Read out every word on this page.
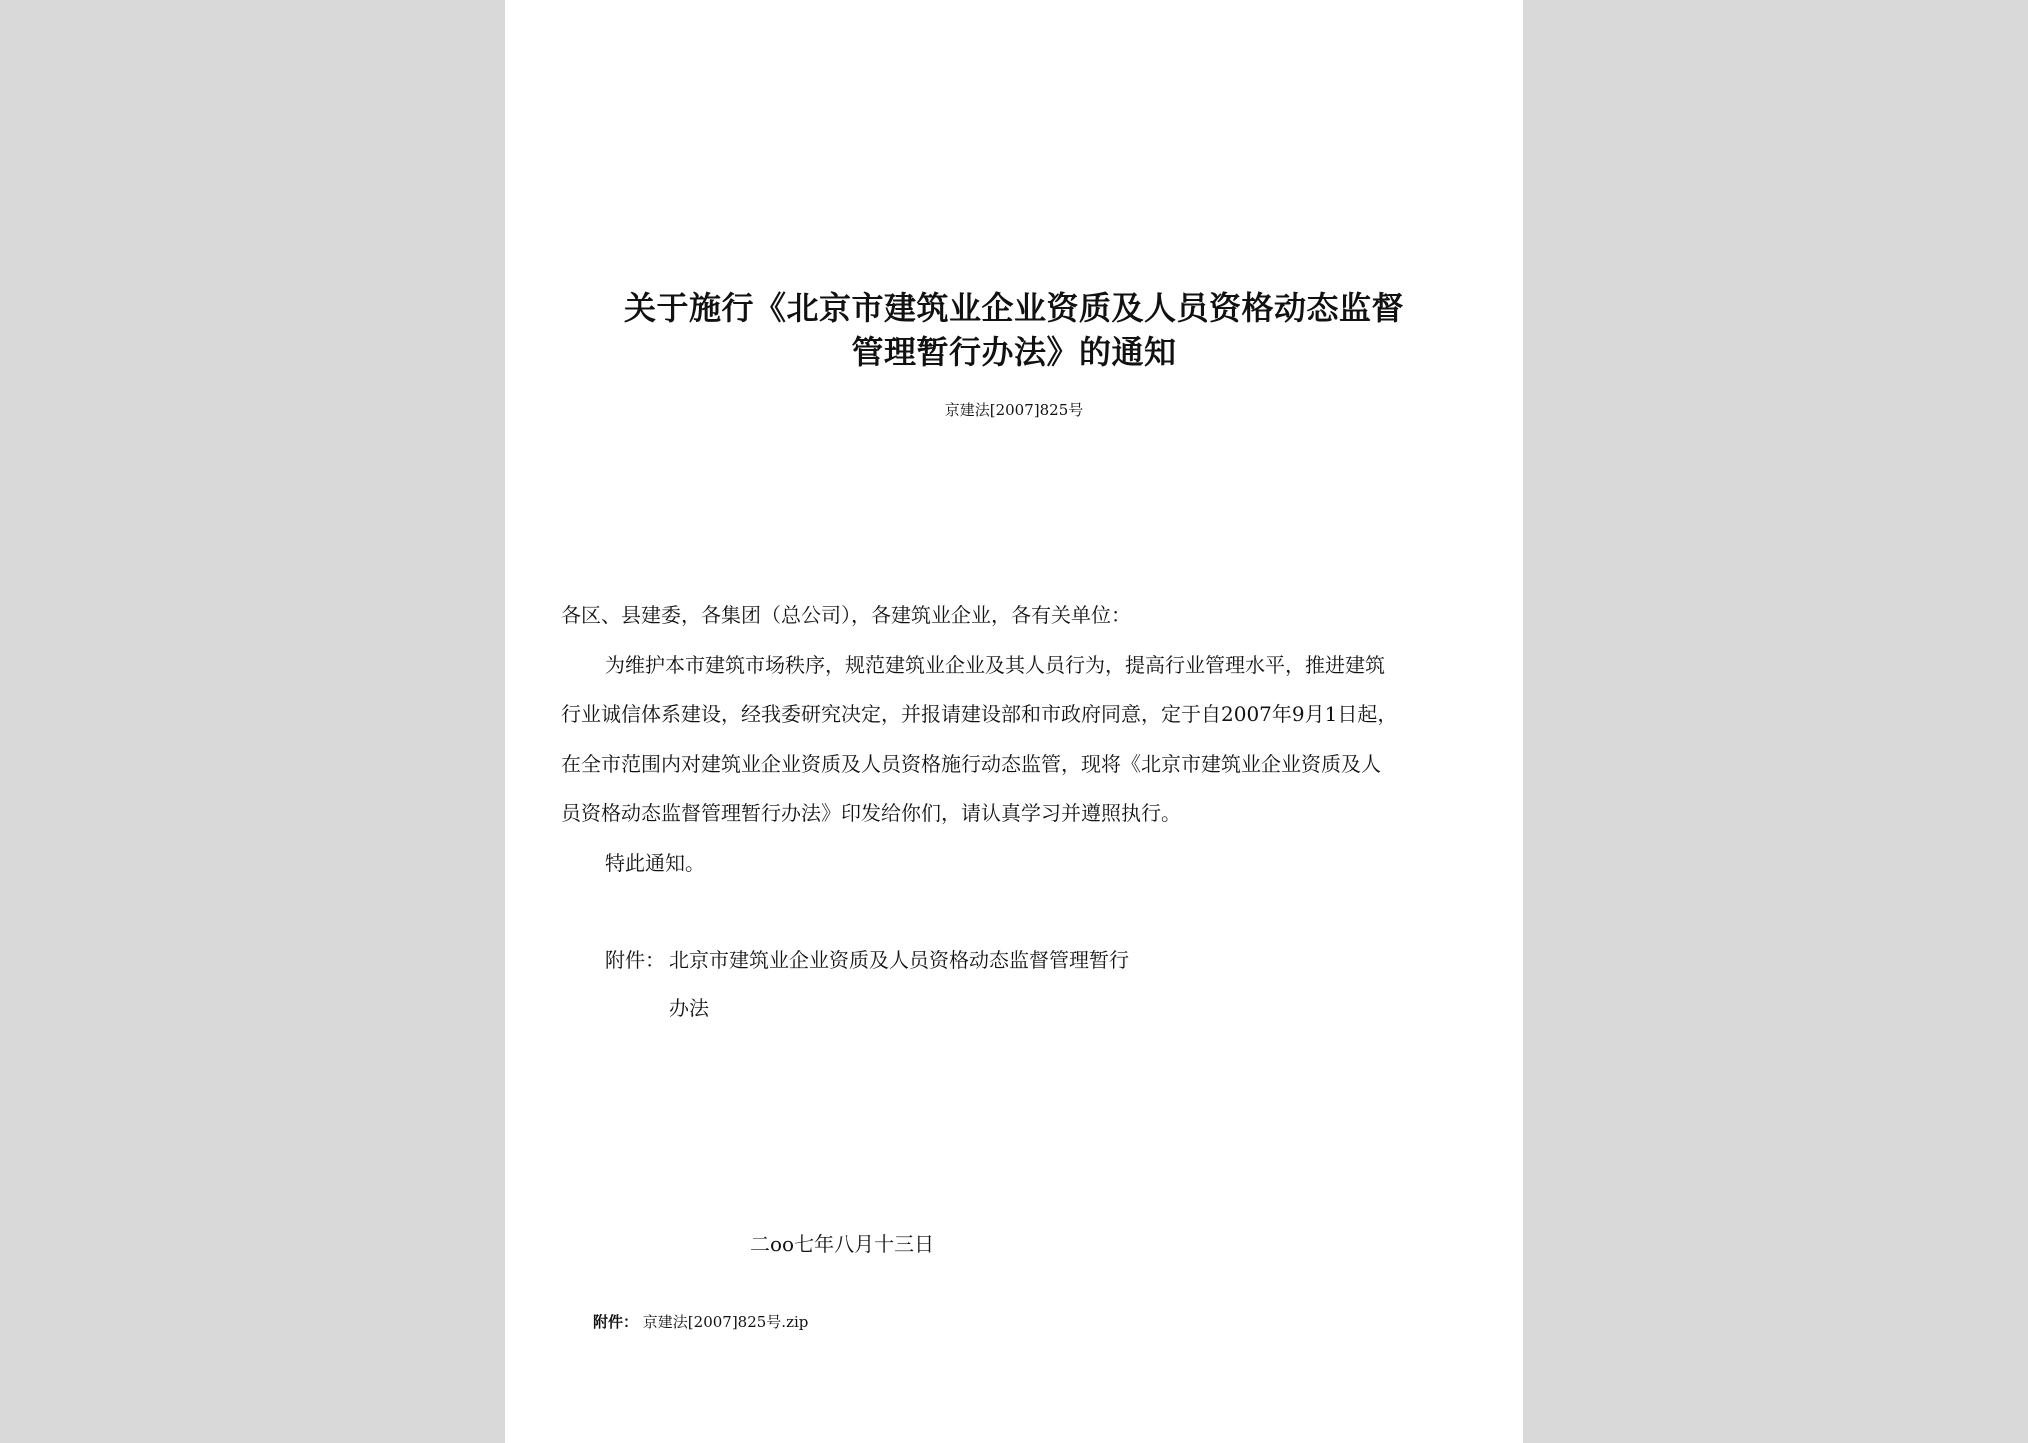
关于施行《北京市建筑业企业资质及人员资格动态监督
管理暂行办法》的通知
京建法[2007]825号
各区、县建委，各集团（总公司），各建筑业企业，各有关单位：
为维护本市建筑市场秩序，规范建筑业企业及其人员行为，提高行业管理水平，推进建筑
行业诚信体系建设，经我委研究决定，并报请建设部和市政府同意，定于自2007年9月1日起，
在全市范围内对建筑业企业资质及人员资格施行动态监管，现将《北京市建筑业企业资质及人
员资格动态监督管理暂行办法》印发给你们，请认真学习并遵照执行。
特此通知。
附件： 北京市建筑业企业资质及人员资格动态监督管理暂行
办法
二oo七年八月十三日
附件： 京建法[2007]825号.zip
